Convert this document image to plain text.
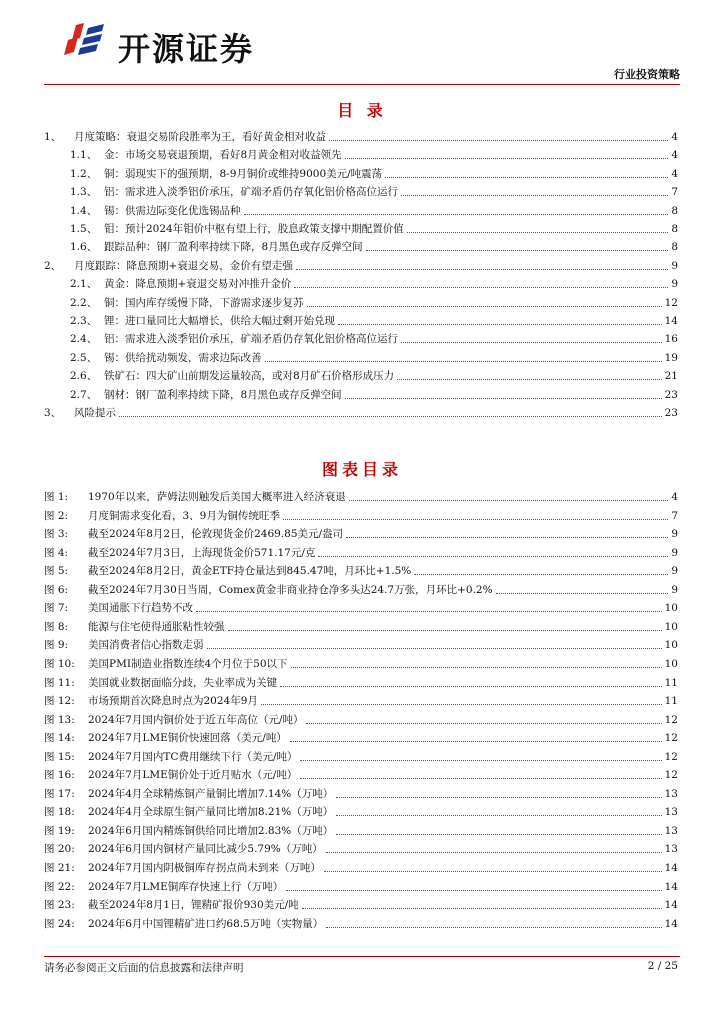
开源证券
行业投资策略
目 录
1、 月度策略：衰退交易阶段胜率为王，看好黄金相对收益	4
1.1、 金：市场交易衰退预期，看好8月黄金相对收益领先	4
1.2、 铜：弱现实下的强预期，8-9月铜价或维持9000美元/吨震荡	4
1.3、 铝：需求进入淡季铝价承压，矿端矛盾仍存氧化铝价格高位运行	7
1.4、 锡：供需边际变化优选锡品种	8
1.5、 钼：预计2024年钼价中枢有望上行，股息政策支撑中期配置价值	8
1.6、 跟踪品种：钢厂盈利率持续下降，8月黑色或存反弹空间	8
2、 月度跟踪：降息预期+衰退交易，金价有望走强	9
2.1、 黄金：降息预期+衰退交易对冲推升金价	9
2.2、 铜：国内库存缓慢下降，下游需求逐步复苏	12
2.3、 锂：进口量同比大幅增长，供给大幅过剩开始兑现	14
2.4、 铝：需求进入淡季铝价承压，矿端矛盾仍存氧化铝价格高位运行	16
2.5、 锡：供给扰动频发，需求边际改善	19
2.6、 铁矿石：四大矿山前期发运量较高，或对8月矿石价格形成压力	21
2.7、 钢材：钢厂盈利率持续下降，8月黑色或存反弹空间	23
3、 风险提示	23
图表目录
图 1: 1970年以来，萨姆法则触发后美国大概率进入经济衰退	4
图 2: 月度铜需求变化看，3、9月为铜传统旺季	7
图 3: 截至2024年8月2日，伦敦现货金价2469.85美元/盎司	9
图 4: 截至2024年7月3日，上海现货金价571.17元/克	9
图 5: 截至2024年8月2日，黄金ETF持仓量达到845.47吨，月环比+1.5%	9
图 6: 截至2024年7月30日当周，Comex黄金非商业持仓净多头达24.7万张，月环比+0.2%	9
图 7: 美国通胀下行趋势不改	10
图 8: 能源与住宅使得通胀粘性较强	10
图 9: 美国消费者信心指数走弱	10
图 10: 美国PMI制造业指数连续4个月位于50以下	10
图 11: 美国就业数据面临分歧，失业率成为关键	11
图 12: 市场预期首次降息时点为2024年9月	11
图 13: 2024年7月国内铜价处于近五年高位（元/吨）	12
图 14: 2024年7月LME铜价快速回落（美元/吨）	12
图 15: 2024年7月国内TC费用继续下行（美元/吨）	12
图 16: 2024年7月LME铜价处于近月贴水（元/吨）	12
图 17: 2024年4月全球精炼铜产量铜比增加7.14%（万吨）	13
图 18: 2024年4月全球原生铜产量同比增加8.21%（万吨）	13
图 19: 2024年6月国内精炼铜供给同比增加2.83%（万吨）	13
图 20: 2024年6月国内铜材产量同比减少5.79%（万吨）	13
图 21: 2024年7月国内阴极铜库存拐点尚未到来（万吨）	14
图 22: 2024年7月LME铜库存快速上行（万吨）	14
图 23: 截至2024年8月1日，锂精矿报价930美元/吨	14
图 24: 2024年6月中国锂精矿进口约68.5万吨（实物量）	14
请务必参阅正文后面的信息披露和法律声明	2 / 25
